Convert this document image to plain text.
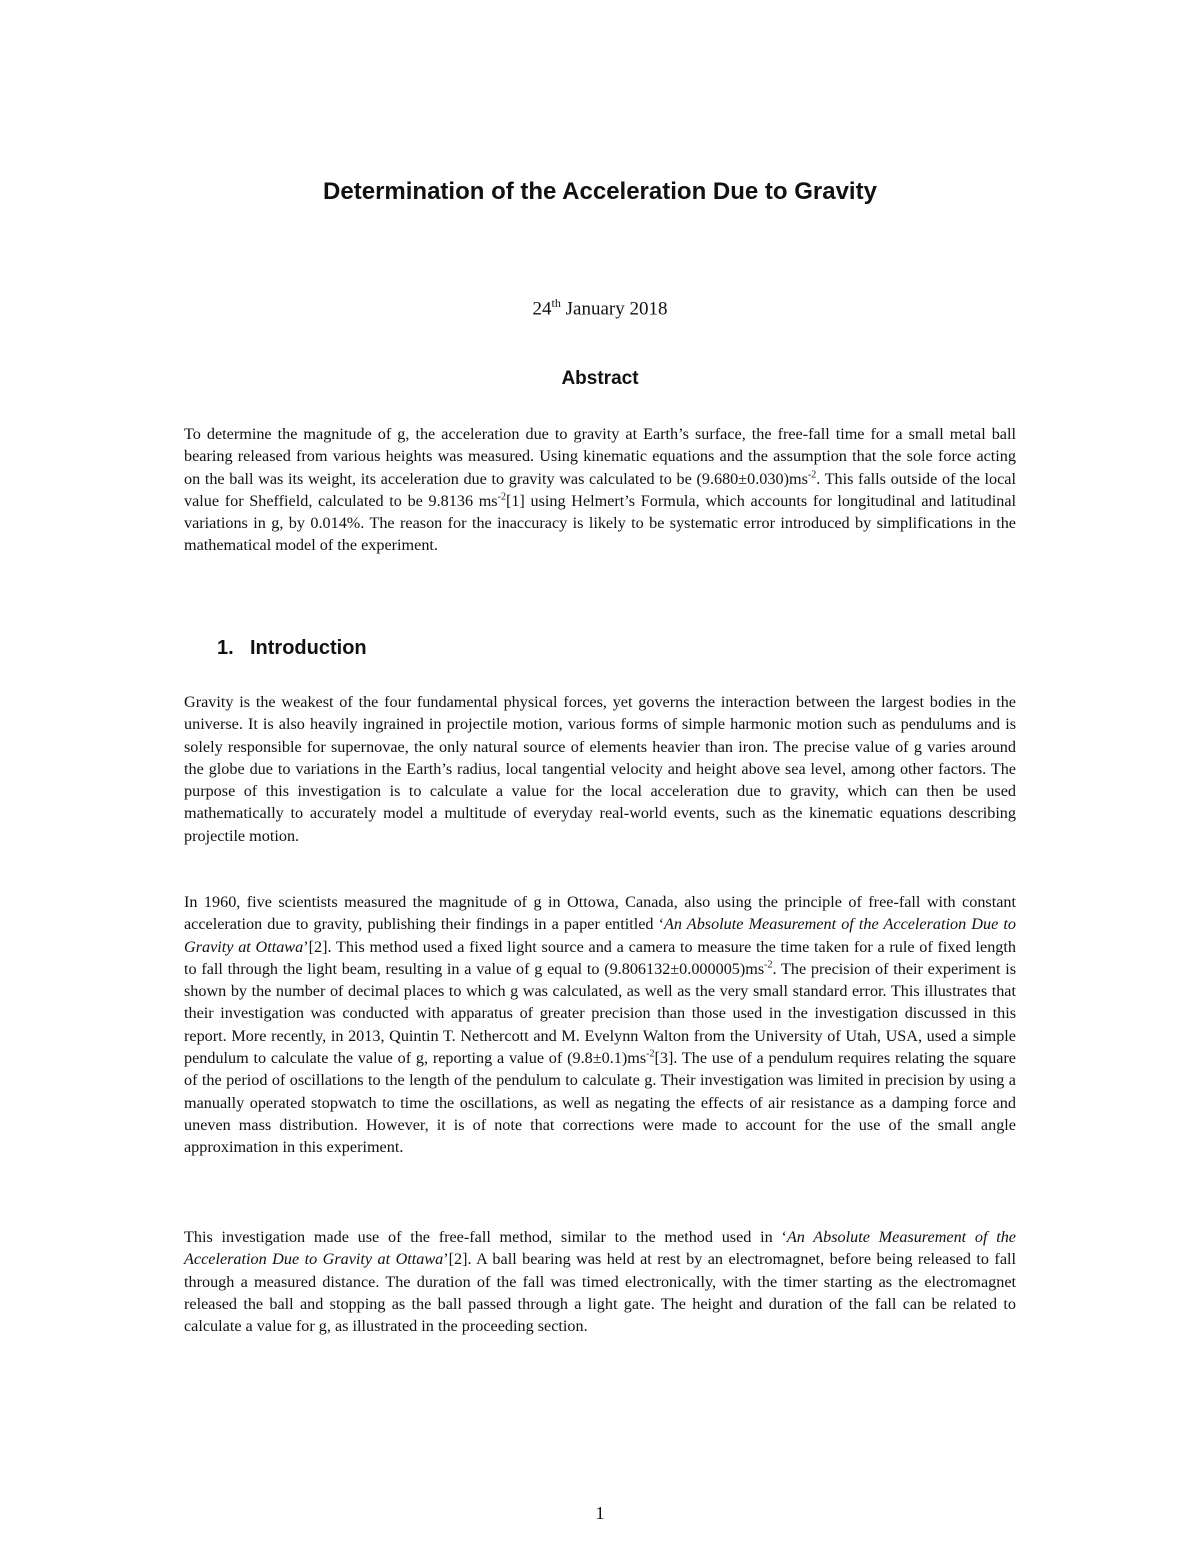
Determination of the Acceleration Due to Gravity
24th January 2018
Abstract

To determine the magnitude of g, the acceleration due to gravity at Earth’s surface, the free-fall time for a small metal ball bearing released from various heights was measured. Using kinematic equations and the assumption that the sole force acting on the ball was its weight, its acceleration due to gravity was calculated to be $(9.680\pm 0.030)ms^{-2}$. This falls outside of the local value for Sheffield, calculated to be 9.8136 $ms^{-2}[1]$ using Helmert’s Formula, which accounts for longitudinal and latitudinal variations in g, by 0.014%. The reason for the inaccuracy is likely to be systematic error introduced by simplifications in the mathematical model of the experiment.

1. Introduction

Gravity is the weakest of the four fundamental physical forces, yet governs the interaction between the largest bodies in the universe. It is also heavily ingrained in projectile motion, various forms of simple harmonic motion such as pendulums and is solely responsible for supernovae, the only natural source of elements heavier than iron. The precise value of g varies around the globe due to variations in the Earth’s radius, local tangential velocity and height above sea level, among other factors. The purpose of this investigation is to calculate a value for the local acceleration due to gravity, which can then be used mathematically to accurately model a multitude of everyday real-world events, such as the kinematic equations describing projectile motion.

In 1960, five scientists measured the magnitude of g in Ottowa, Canada, also using the principle of free-fall with constant acceleration due to gravity, publishing their findings in a paper entitled ‘An Absolute Measurement of the Acceleration Due to Gravity at Ottawa’[2]. This method used a fixed light source and a camera to measure the time taken for a rule of fixed length to fall through the light beam, resulting in a value of g equal to $(9.806132\pm 0.000005)ms^{-2}$. The precision of their experiment is shown by the number of decimal places to which g was calculated, as well as the very small standard error. This illustrates that their investigation was conducted with apparatus of greater precision than those used in the investigation discussed in this report. More recently, in 2013, Quintin T. Nethercott and M. Evelynn Walton from the University of Utah, USA, used a simple pendulum to calculate the value of g, reporting a value of $(9.8\pm 0.1)ms^{-2}[3]$. The use of a pendulum requires relating the square of the period of oscillations to the length of the pendulum to calculate g. Their investigation was limited in precision by using a manually operated stopwatch to time the oscillations, as well as negating the effects of air resistance as a damping force and uneven mass distribution. However, it is of note that corrections were made to account for the use of the small angle approximation in this experiment.

This investigation made use of the free-fall method, similar to the method used in ‘An Absolute Measurement of the Acceleration Due to Gravity at Ottawa’[2]. A ball bearing was held at rest by an electromagnet, before being released to fall through a measured distance. The duration of the fall was timed electronically, with the timer starting as the electromagnet released the ball and stopping as the ball passed through a light gate. The height and duration of the fall can be related to calculate a value for g, as illustrated in the proceeding section.

1
